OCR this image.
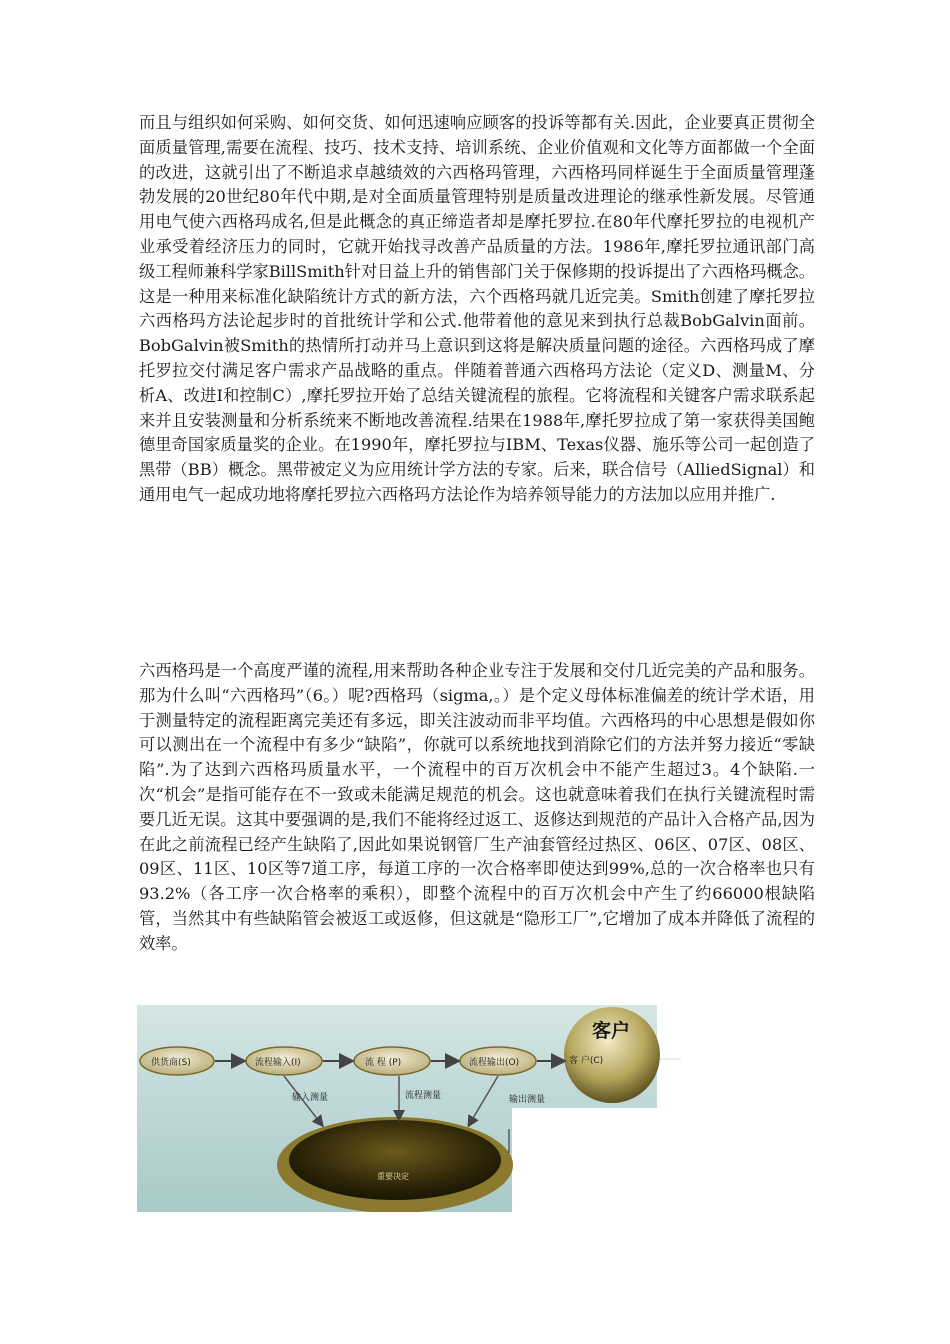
而且与组织如何采购、如何交货、如何迅速响应顾客的投诉等都有关.因此，企业要真正贯彻全面质量管理,需要在流程、技巧、技术支持、培训系统、企业价值观和文化等方面都做一个全面的改进，这就引出了不断追求卓越绩效的六西格玛管理，六西格玛同样诞生于全面质量管理蓬勃发展的20世纪80年代中期,是对全面质量管理特别是质量改进理论的继承性新发展。尽管通用电气使六西格玛成名,但是此概念的真正缔造者却是摩托罗拉.在80年代摩托罗拉的电视机产业承受着经济压力的同时，它就开始找寻改善产品质量的方法。1986年,摩托罗拉通讯部门高级工程师兼科学家BillSmith针对日益上升的销售部门关于保修期的投诉提出了六西格玛概念。这是一种用来标准化缺陷统计方式的新方法，六个西格玛就几近完美。Smith创建了摩托罗拉六西格玛方法论起步时的首批统计学和公式.他带着他的意见来到执行总裁BobGalvin面前。BobGalvin被Smith的热情所打动并马上意识到这将是解决质量问题的途径。六西格玛成了摩托罗拉交付满足客户需求产品战略的重点。伴随着普通六西格玛方法论（定义D、测量M、分析A、改进I和控制C）,摩托罗拉开始了总结关键流程的旅程。它将流程和关键客户需求联系起来并且安装测量和分析系统来不断地改善流程.结果在1988年,摩托罗拉成了第一家获得美国鲍德里奇国家质量奖的企业。在1990年，摩托罗拉与IBM、Texas仪器、施乐等公司一起创造了黑带（BB）概念。黑带被定义为应用统计学方法的专家。后来，联合信号（AlliedSignal）和通用电气一起成功地将摩托罗拉六西格玛方法论作为培养领导能力的方法加以应用并推广.

六西格玛是一个高度严谨的流程,用来帮助各种企业专注于发展和交付几近完美的产品和服务。那为什么叫“六西格玛”（6。）呢?西格玛（sigma,。）是个定义母体标准偏差的统计学术语，用于测量特定的流程距离完美还有多远，即关注波动而非平均值。六西格玛的中心思想是假如你可以测出在一个流程中有多少“缺陷”，你就可以系统地找到消除它们的方法并努力接近“零缺陷”.为了达到六西格玛质量水平，一个流程中的百万次机会中不能产生超过3。4个缺陷.一次“机会”是指可能存在不一致或未能满足规范的机会。这也就意味着我们在执行关键流程时需要几近无误。这其中要强调的是,我们不能将经过返工、返修达到规范的产品计入合格产品,因为在此之前流程已经产生缺陷了,因此如果说钢管厂生产油套管经过热区、06区、07区、08区、09区、11区、10区等7道工序，每道工序的一次合格率即使达到99%,总的一次合格率也只有93.2%（各工序一次合格率的乘积），即整个流程中的百万次机会中产生了约66000根缺陷管，当然其中有些缺陷管会被返工或返修，但这就是“隐形工厂”,它增加了成本并降低了流程的效率。

重要决定
客户
客 户(C)
供货商(S)	流程输入(I)	流 程 (P)	流程输出(O)
输入测量	流程测量	输出测量
